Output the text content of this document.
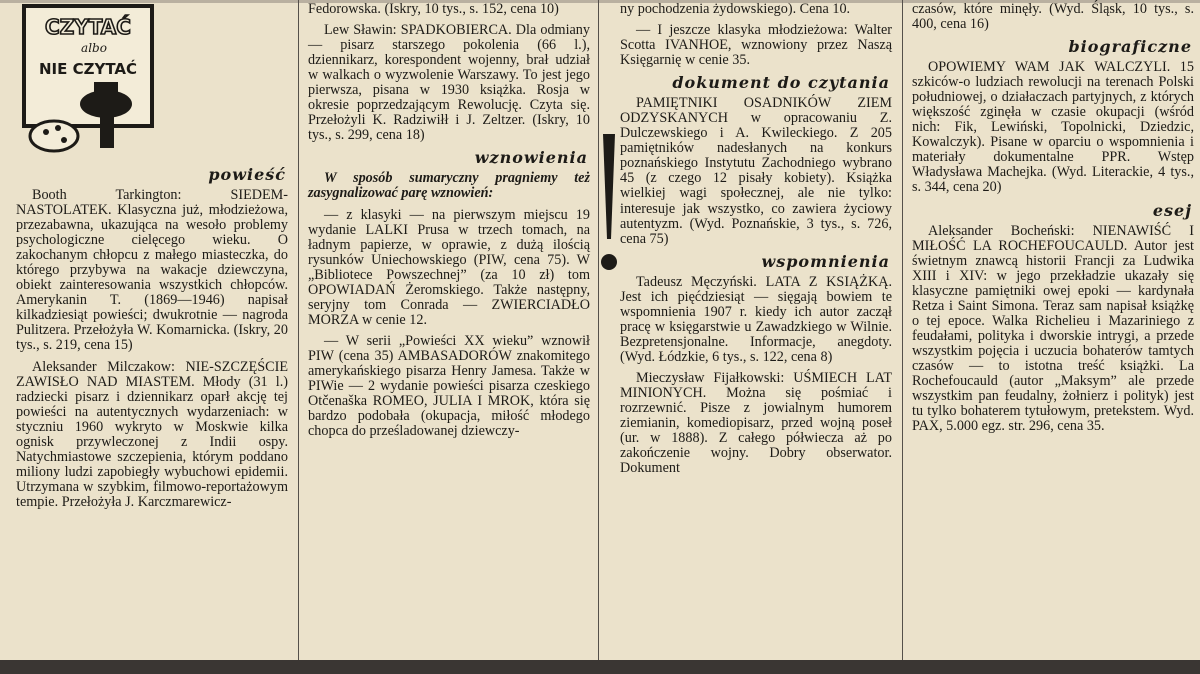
CZYTAĆ
albo
NIE CZYTAĆ
powieść

Booth Tarkington: SIEDEM-NASTOLATEK. Klasyczna już, młodzieżowa, przezabawna, ukazująca na wesoło problemy psychologiczne cielęcego wieku. O zakochanym chłopcu z małego miasteczka, do którego przybywa na wakacje dziewczyna, obiekt zainteresowania wszystkich chłopców. Amerykanin T. (1869—1946) napisał kilkadziesiąt powieści; dwukrotnie — nagroda Pulitzera. Przełożyła W. Komarnicka. (Iskry, 20 tys., s. 219, cena 15)

Aleksander Milczakow: NIE-SZCZĘŚCIE ZAWISŁO NAD MIASTEM. Młody (31 l.) radziecki pisarz i dziennikarz oparł akcję tej powieści na autentycznych wydarzeniach: w styczniu 1960 wykryto w Moskwie kilka ognisk przywleczonej z Indii ospy. Natychmiastowe szczepienia, którym poddano miliony ludzi zapobiegły wybuchowi epidemii. Utrzymana w szybkim, filmowo-reportażowym tempie. Przełożyła J. Karczmarewicz-

Fedorowska. (Iskry, 10 tys., s. 152, cena 10)

Lew Sławin: SPADKOBIERCA. Dla odmiany — pisarz starszego pokolenia (66 l.), dziennikarz, korespondent wojenny, brał udział w walkach o wyzwolenie Warszawy. To jest jego pierwsza, pisana w 1930 książka. Rosja w okresie poprzedzającym Rewolucję. Czyta się. Przełożyli K. Radziwiłł i J. Zeltzer. (Iskry, 10 tys., s. 299, cena 18)

wznowienia

W sposób sumaryczny pragniemy też zasygnalizować parę wznowień:

— z klasyki — na pierwszym miejscu 19 wydanie LALKI Prusa w trzech tomach, na ładnym papierze, w oprawie, z dużą ilością rysunków Uniechowskiego (PIW, cena 75). W „Bibliotece Powszechnej” (za 10 zł) tom OPOWIADAŃ Żeromskiego. Także następny, seryjny tom Conrada — ZWIERCIADŁO MORZA w cenie 12.

— W serii „Powieści XX wieku” wznowił PIW (cena 35) AMBASADORÓW znakomitego amerykańskiego pisarza Henry Jamesa. Także w PIWie — 2 wydanie powieści pisarza czeskiego Otčenaška ROMEO, JULIA I MROK, która się bardzo podobała (okupacja, miłość młodego chopca do prześladowanej dziewczy-

ny pochodzenia żydowskiego). Cena 10.

— I jeszcze klasyka młodzieżowa: Walter Scotta IVANHOE, wznowiony przez Naszą Księgarnię w cenie 35.

dokument do czytania

PAMIĘTNIKI OSADNIKÓW ZIEM ODZYSKANYCH w opracowaniu Z. Dulczewskiego i A. Kwileckiego. Z 205 pamiętników nadesłanych na konkurs poznańskiego Instytutu Zachodniego wybrano 45 (z czego 12 pisały kobiety). Książka wielkiej wagi społecznej, ale nie tylko: interesuje jak wszystko, co zawiera życiowy autentyzm. (Wyd. Poznańskie, 3 tys., s. 726, cena 75)

wspomnienia

Tadeusz Męczyński. LATA Z KSIĄŻKĄ. Jest ich pięćdziesiąt — sięgają bowiem te wspomnienia 1907 r. kiedy ich autor zaczął pracę w księgarstwie u Zawadzkiego w Wilnie. Bezpretensjonalne. Informacje, anegdoty. (Wyd. Łódzkie, 6 tys., s. 122, cena 8)

Mieczysław Fijałkowski: UŚMIECH LAT MINIONYCH. Można się pośmiać i rozrzewnić. Pisze z jowialnym humorem ziemianin, komediopisarz, przed wojną poseł (ur. w 1888). Z całego półwiecza aż po zakończenie wojny. Dobry obserwator. Dokument

czasów, które minęły. (Wyd. Śląsk, 10 tys., s. 400, cena 16)

biograficzne

OPOWIEMY WAM JAK WALCZYLI. 15 szkiców-o ludziach rewolucji na terenach Polski południowej, o działaczach partyjnych, z których większość zginęła w czasie okupacji (wśród nich: Fik, Lewiński, Topolnicki, Dziedzic, Kowalczyk). Pisane w oparciu o wspomnienia i materiały dokumentalne PPR. Wstęp Władysława Machejka. (Wyd. Literackie, 4 tys., s. 344, cena 20)

esej

Aleksander Bocheński: NIENAWIŚĆ I MIŁOŚĆ LA ROCHEFOUCAULD. Autor jest świetnym znawcą historii Francji za Ludwika XIII i XIV: w jego przekładzie ukazały się klasyczne pamiętniki owej epoki — kardynała Retza i Saint Simona. Teraz sam napisał książkę o tej epoce. Walka Richelieu i Mazariniego z feudałami, polityka i dworskie intrygi, a przede wszystkim pojęcia i uczucia bohaterów tamtych czasów — to istotna treść książki. La Rochefoucauld (autor „Maksym” ale przede wszystkim pan feudalny, żołnierz i polityk) jest tu tylko bohaterem tytułowym, pretekstem. Wyd. PAX, 5.000 egz. str. 296, cena 35.
